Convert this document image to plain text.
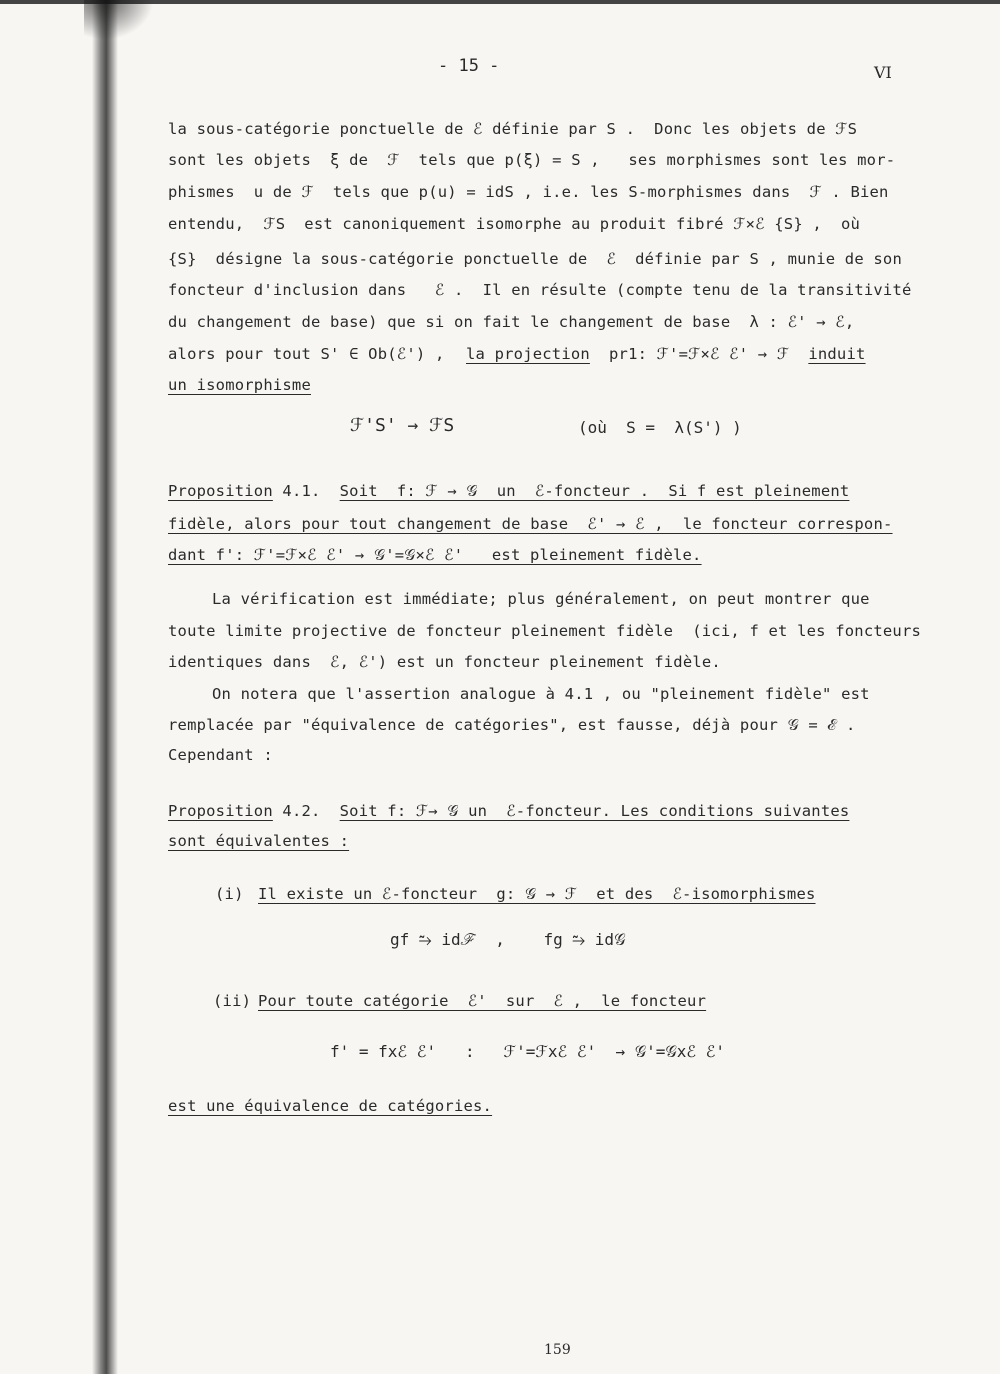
- 15 -	VI
la sous-catégorie ponctuelle de ℰ définie par S .  Donc les objets de ℱS
sont les objets  ξ de  ℱ  tels que p(ξ) = S ,   ses morphismes sont les mor-
phismes  u de ℱ  tels que p(u) = idS , i.e. les S-morphismes dans  ℱ . Bien
entendu,  ℱS  est canoniquement isomorphe au produit fibré ℱ×ℰ {S} ,  où
{S}  désigne la sous-catégorie ponctuelle de  ℰ  définie par S , munie de son
foncteur d'inclusion dans   ℰ .  Il en résulte (compte tenu de la transitivité
du changement de base) que si on fait le changement de base  λ : ℰ' → ℰ,
alors pour tout S' ∈ Ob(ℰ') , la projection pr1: ℱ'=ℱ×ℰ ℰ' → ℱ induit
un isomorphisme
ℱ'S' → ℱS	(où  S =  λ(S') )
Proposition 4.1. Soit  f: ℱ → 𝒢  un  ℰ-foncteur .  Si f est pleinement
fidèle, alors pour tout changement de base  ℰ' → ℰ ,  le foncteur correspon-
dant f': ℱ'=ℱ×ℰ ℰ' → 𝒢'=𝒢×ℰ ℰ'   est pleinement fidèle.
La vérification est immédiate; plus généralement, on peut montrer que
toute limite projective de foncteur pleinement fidèle  (ici, f et les foncteurs
identiques dans  ℰ, ℰ') est un foncteur pleinement fidèle.
On notera que l'assertion analogue à 4.1 , ou "pleinement fidèle" est
remplacée par "équivalence de catégories", est fausse, déjà pour 𝒢 = ℰ .
Cependant :
Proposition 4.2. Soit f: ℱ→ 𝒢 un  ℰ-foncteur. Les conditions suivantes
sont équivalentes :
(i) Il existe un ℰ-foncteur  g: 𝒢 → ℱ  et des  ℰ-isomorphismes
gf ⥲ idℱ  ,    fg ⥲ id𝒢
(ii) Pour toute catégorie  ℰ'  sur  ℰ ,  le foncteur
f' = fxℰ ℰ'   :   ℱ'=ℱxℰ ℰ'  → 𝒢'=𝒢xℰ ℰ'
est une équivalence de catégories.
159
